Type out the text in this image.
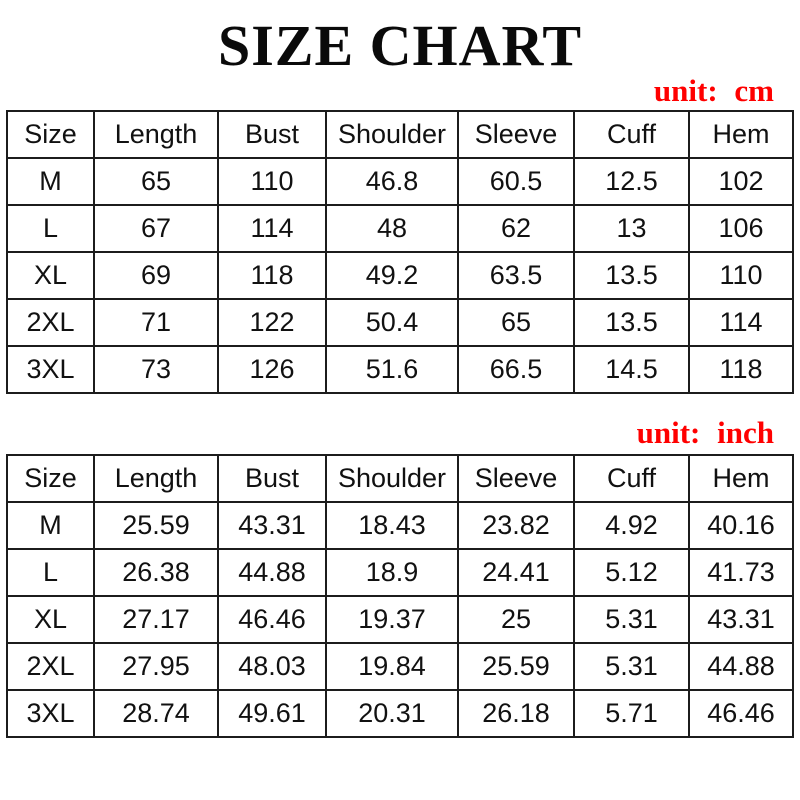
SIZE CHART
unit: cm
Size	Length	Bust	Shoulder	Sleeve	Cuff	Hem
M	65	110	46.8	60.5	12.5	102
L	67	114	48	62	13	106
XL	69	118	49.2	63.5	13.5	110
2XL	71	122	50.4	65	13.5	114
3XL	73	126	51.6	66.5	14.5	118
unit: inch
Size	Length	Bust	Shoulder	Sleeve	Cuff	Hem
M	25.59	43.31	18.43	23.82	4.92	40.16
L	26.38	44.88	18.9	24.41	5.12	41.73
XL	27.17	46.46	19.37	25	5.31	43.31
2XL	27.95	48.03	19.84	25.59	5.31	44.88
3XL	28.74	49.61	20.31	26.18	5.71	46.46
